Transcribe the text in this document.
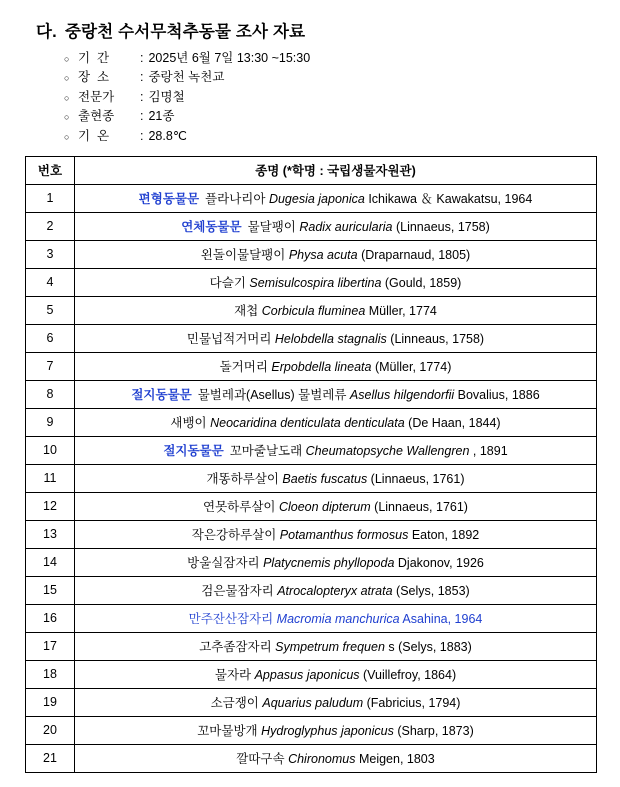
다. 중랑천 수서무척추동물 조사 자료
○ 기  간	: 2025년 6월 7일 13:30 ~15:30
○ 장  소	: 중랑천 녹천교
○ 전문가	: 김명철
○ 출현종	: 21종
○ 기  온	: 28.8℃
번호	종명 (*학명 : 국립생물자원관)
1	편형동물문 플라나리아 Dugesia japonica Ichikawa ＆ Kawakatsu, 1964
2	연체동물문 물달팽이 Radix auricularia (Linnaeus, 1758)
3	왼돌이물달팽이 Physa acuta (Draparnaud, 1805)
4	다슬기 Semisulcospira libertina (Gould, 1859)
5	재첩 Corbicula fluminea Müller, 1774
6	민물넙적거머리 Helobdella stagnalis (Linneaus, 1758)
7	돌거머리 Erpobdella lineata (Müller, 1774)
8	절지동물문 물벌레과(Asellus) 물벌레류 Asellus hilgendorfii Bovalius, 1886
9	새뱅이 Neocaridina denticulata denticulata (De Haan, 1844)
10	절지동물문 꼬마줄날도래 Cheumatopsyche Wallengren , 1891
11	개똥하루살이 Baetis fuscatus (Linnaeus, 1761)
12	연못하루살이 Cloeon dipterum (Linnaeus, 1761)
13	작은강하루살이 Potamanthus formosus Eaton, 1892
14	방울실잠자리 Platycnemis phyllopoda Djakonov, 1926
15	검은물잠자리 Atrocalopteryx atrata (Selys, 1853)
16	만주잔산잠자리 Macromia manchurica Asahina, 1964
17	고추좀잠자리 Sympetrum frequen s (Selys, 1883)
18	물자라 Appasus japonicus (Vuillefroy, 1864)
19	소금쟁이 Aquarius paludum (Fabricius, 1794)
20	꼬마물방개 Hydroglyphus japonicus (Sharp, 1873)
21	깔따구속 Chironomus Meigen, 1803
